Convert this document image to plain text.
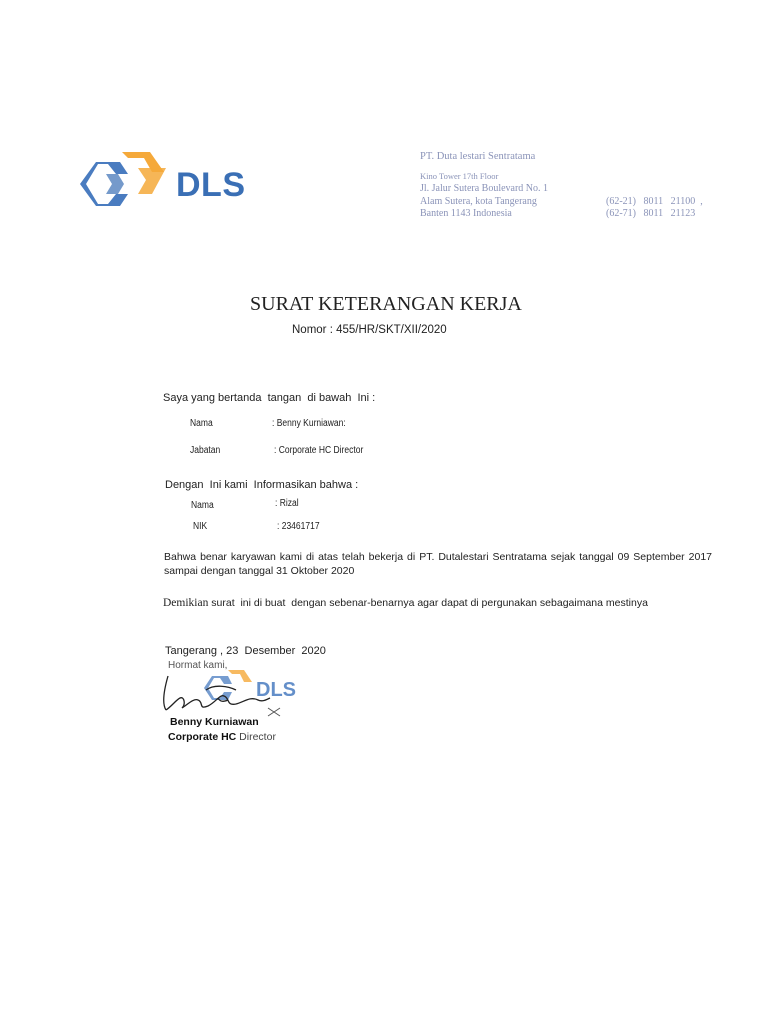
DLS
PT. Duta lestari Sentratama
Kino Tower 17th Floor
Jl. Jalur Sutera Boulevard No. 1
Alam Sutera, kota Tangerang
Banten 1143 Indonesia
(62-21)   8011   21100  ,
(62-71)   8011   21123
SURAT KETERANGAN KERJA
Nomor : 455/HR/SKT/XII/2020
Saya yang bertanda  tangan  di bawah  Ini :
Nama	: Benny Kurniawan:
Jabatan	: Corporate HC Director
Dengan  Ini kami  Informasikan bahwa :
Nama	: Rizal
NIK	: 23461717
Bahwa benar karyawan kami di atas telah bekerja di PT. Dutalestari Sentratama sejak tanggal 09 September 2017 sampai dengan tanggal 31 Oktober 2020
Demikian surat  ini di buat  dengan sebenar-benarnya agar dapat di pergunakan sebagaimana mestinya
Tangerang , 23  Desember  2020
Hormat kami,
DLS
Benny Kurniawan
Corporate HC Director
